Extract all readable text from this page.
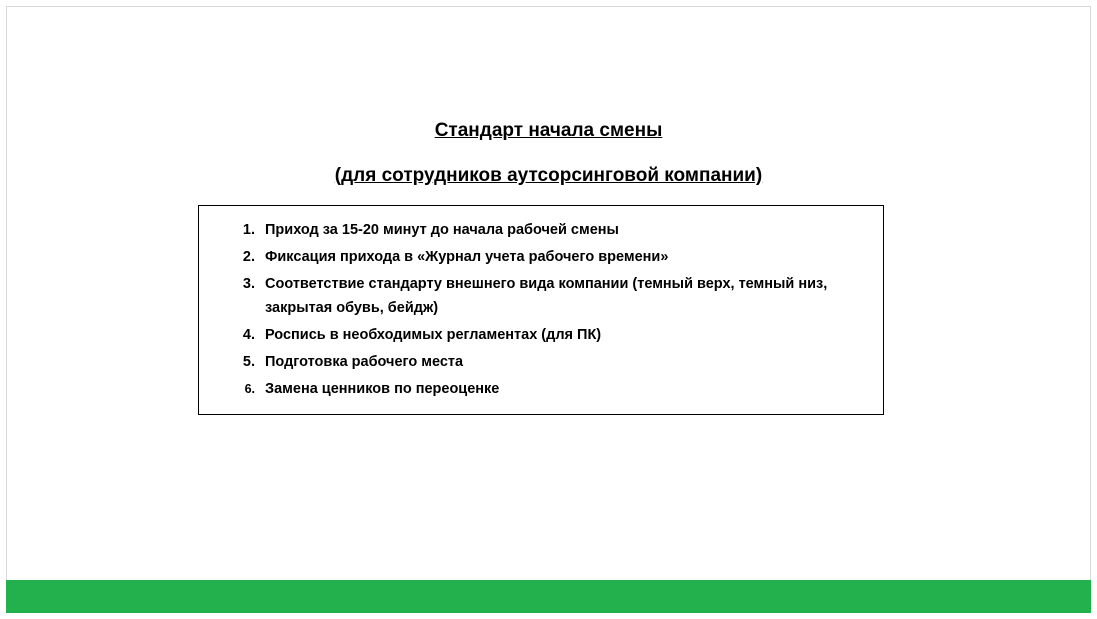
Стандарт начала смены
(для сотрудников аутсорсинговой компании)
Приход за 15-20 минут до начала рабочей смены
Фиксация прихода в «Журнал учета рабочего времени»
Соответствие стандарту внешнего вида компании (темный верх, темный низ, закрытая обувь, бейдж)
Роспись в необходимых регламентах (для ПК)
Подготовка рабочего места
Замена ценников по переоценке
